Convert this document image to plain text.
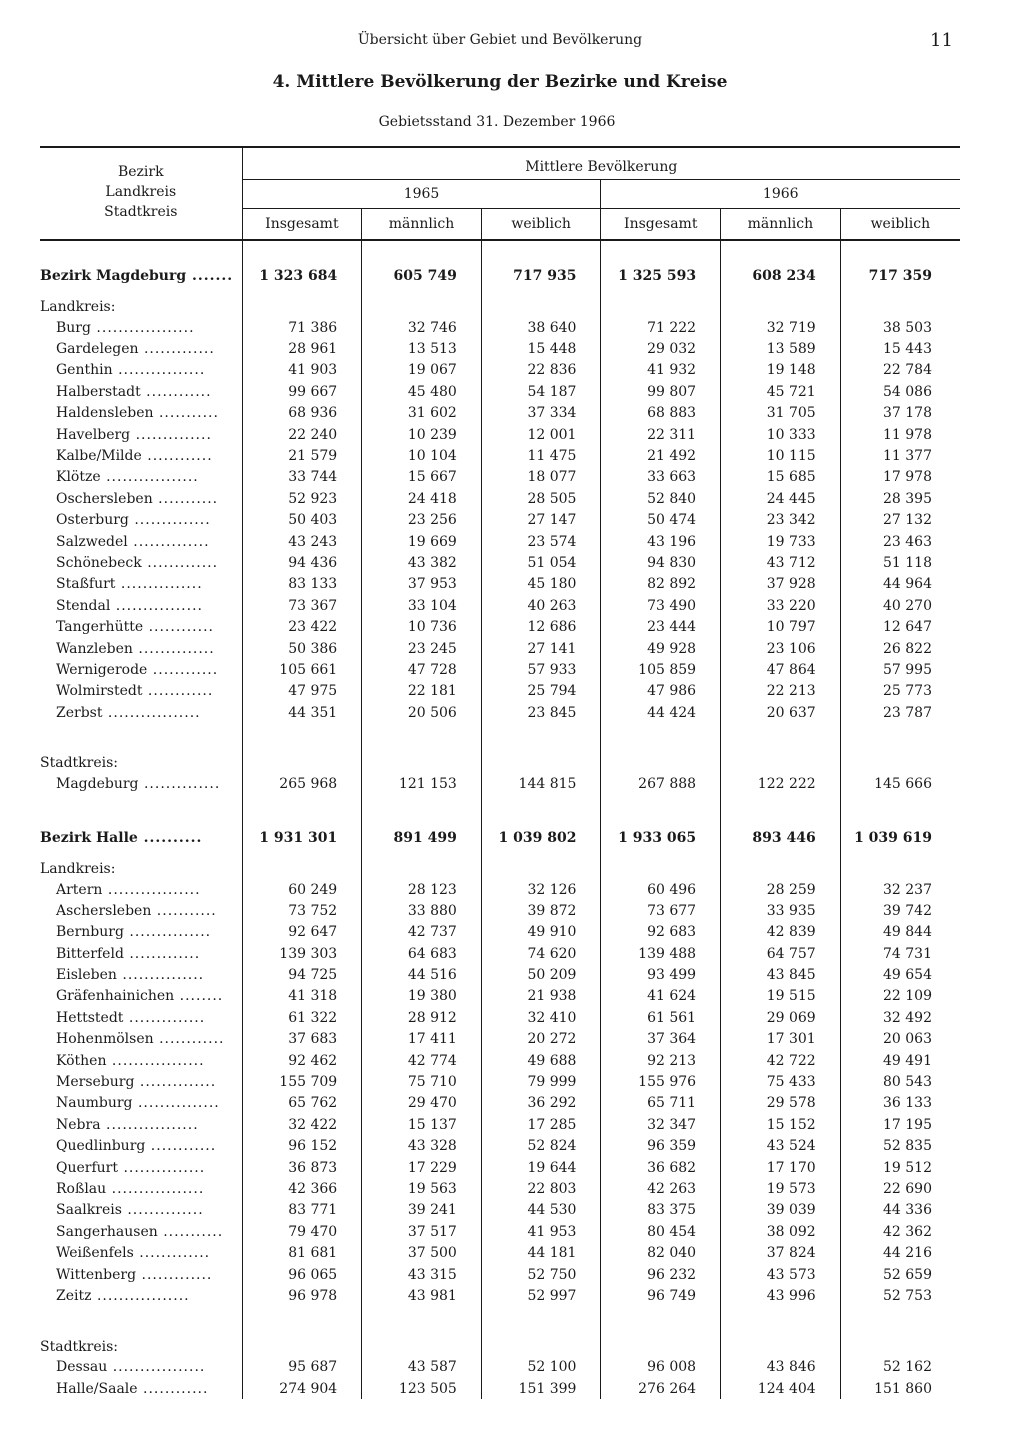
Übersicht über Gebiet und Bevölkerung	11
4. Mittlere Bevölkerung der Bezirke und Kreise
Gebietsstand 31. Dezember 1966
Bezirk
Landkreis
Stadtkreis	Mittlere Bevölkerung					
	1965			1966		
	Insgesamt	männlich	weiblich	Insgesamt	männlich	weiblich

Bezirk Magdeburg .......	1 323 684	605 749	717 935	1 325 593	608 234	717 359
Landkreis:						
Burg ..................	71 386	32 746	38 640	71 222	32 719	38 503
Gardelegen .............	28 961	13 513	15 448	29 032	13 589	15 443
Genthin ................	41 903	19 067	22 836	41 932	19 148	22 784
Halberstadt ............	99 667	45 480	54 187	99 807	45 721	54 086
Haldensleben ...........	68 936	31 602	37 334	68 883	31 705	37 178
Havelberg ..............	22 240	10 239	12 001	22 311	10 333	11 978
Kalbe/Milde ............	21 579	10 104	11 475	21 492	10 115	11 377
Klötze .................	33 744	15 667	18 077	33 663	15 685	17 978
Oschersleben ...........	52 923	24 418	28 505	52 840	24 445	28 395
Osterburg ..............	50 403	23 256	27 147	50 474	23 342	27 132
Salzwedel ..............	43 243	19 669	23 574	43 196	19 733	23 463
Schönebeck .............	94 436	43 382	51 054	94 830	43 712	51 118
Staßfurt ...............	83 133	37 953	45 180	82 892	37 928	44 964
Stendal ................	73 367	33 104	40 263	73 490	33 220	40 270
Tangerhütte ............	23 422	10 736	12 686	23 444	10 797	12 647
Wanzleben ..............	50 386	23 245	27 141	49 928	23 106	26 822
Wernigerode ............	105 661	47 728	57 933	105 859	47 864	57 995
Wolmirstedt ............	47 975	22 181	25 794	47 986	22 213	25 773
Zerbst .................	44 351	20 506	23 845	44 424	20 637	23 787

Stadtkreis:						
Magdeburg ..............	265 968	121 153	144 815	267 888	122 222	145 666

Bezirk Halle ..........	1 931 301	891 499	1 039 802	1 933 065	893 446	1 039 619
Landkreis:						
Artern .................	60 249	28 123	32 126	60 496	28 259	32 237
Aschersleben ...........	73 752	33 880	39 872	73 677	33 935	39 742
Bernburg ...............	92 647	42 737	49 910	92 683	42 839	49 844
Bitterfeld .............	139 303	64 683	74 620	139 488	64 757	74 731
Eisleben ...............	94 725	44 516	50 209	93 499	43 845	49 654
Gräfenhainichen ........	41 318	19 380	21 938	41 624	19 515	22 109
Hettstedt ..............	61 322	28 912	32 410	61 561	29 069	32 492
Hohenmölsen ............	37 683	17 411	20 272	37 364	17 301	20 063
Köthen .................	92 462	42 774	49 688	92 213	42 722	49 491
Merseburg ..............	155 709	75 710	79 999	155 976	75 433	80 543
Naumburg ...............	65 762	29 470	36 292	65 711	29 578	36 133
Nebra .................	32 422	15 137	17 285	32 347	15 152	17 195
Quedlinburg ............	96 152	43 328	52 824	96 359	43 524	52 835
Querfurt ...............	36 873	17 229	19 644	36 682	17 170	19 512
Roßlau .................	42 366	19 563	22 803	42 263	19 573	22 690
Saalkreis ..............	83 771	39 241	44 530	83 375	39 039	44 336
Sangerhausen ...........	79 470	37 517	41 953	80 454	38 092	42 362
Weißenfels .............	81 681	37 500	44 181	82 040	37 824	44 216
Wittenberg .............	96 065	43 315	52 750	96 232	43 573	52 659
Zeitz .................	96 978	43 981	52 997	96 749	43 996	52 753

Stadtkreis:						
Dessau .................	95 687	43 587	52 100	96 008	43 846	52 162
Halle/Saale ............	274 904	123 505	151 399	276 264	124 404	151 860
